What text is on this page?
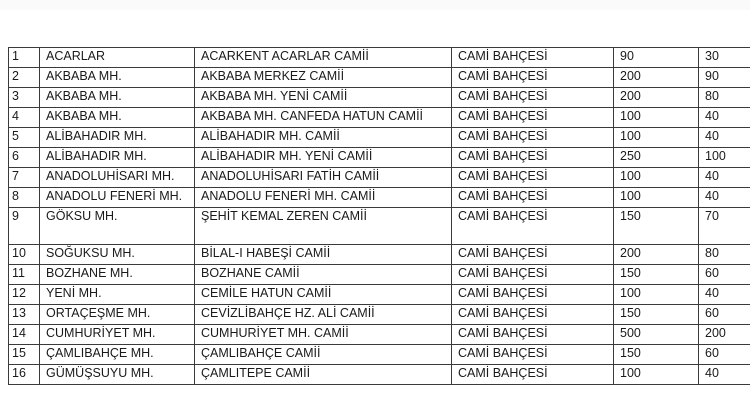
1	ACARLAR	ACARKENT ACARLAR CAMİİ	CAMİ BAHÇESİ	90	30
2	AKBABA MH.	AKBABA MERKEZ CAMİİ	CAMİ BAHÇESİ	200	90
3	AKBABA MH.	AKBABA MH. YENİ CAMİİ	CAMİ BAHÇESİ	200	80
4	AKBABA MH.	AKBABA MH. CANFEDA HATUN CAMİİ	CAMİ BAHÇESİ	100	40
5	ALİBAHADIR MH.	ALİBAHADIR MH. CAMİİ	CAMİ BAHÇESİ	100	40
6	ALİBAHADIR MH.	ALİBAHADIR MH. YENİ CAMİİ	CAMİ BAHÇESİ	250	100
7	ANADOLUHİSARI MH.	ANADOLUHİSARI FATİH CAMİİ	CAMİ BAHÇESİ	100	40
8	ANADOLU FENERİ MH.	ANADOLU FENERİ MH. CAMİİ	CAMİ BAHÇESİ	100	40
9	GÖKSU MH.	ŞEHİT KEMAL ZEREN CAMİİ	CAMİ BAHÇESİ	150	70
10	SOĞUKSU MH.	BİLAL-I HABEŞİ CAMİİ	CAMİ BAHÇESİ	200	80
11	BOZHANE MH.	BOZHANE CAMİİ	CAMİ BAHÇESİ	150	60
12	YENİ MH.	CEMİLE HATUN CAMİİ	CAMİ BAHÇESİ	100	40
13	ORTAÇEŞME MH.	CEVİZLİBAHÇE HZ. ALİ CAMİİ	CAMİ BAHÇESİ	150	60
14	CUMHURİYET MH.	CUMHURİYET MH. CAMİİ	CAMİ BAHÇESİ	500	200
15	ÇAMLIBAHÇE MH.	ÇAMLIBAHÇE CAMİİ	CAMİ BAHÇESİ	150	60
16	GÜMÜŞSUYU MH.	ÇAMLITEPE CAMİİ	CAMİ BAHÇESİ	100	40
